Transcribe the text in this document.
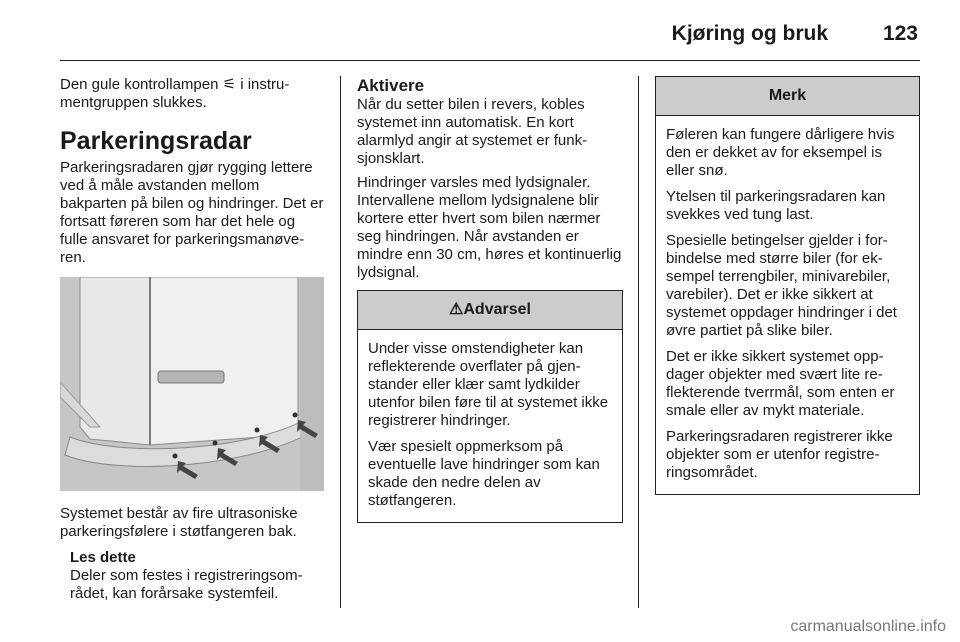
Kjøring og bruk	123

Den gule kontrollampen ⚟ i instrumentgruppen slukkes.

Parkeringsradar

Parkeringsradaren gjør rygging lettere ved å måle avstanden mellom bakparten på bilen og hindringer. Det er fortsatt føreren som har det hele og fulle ansvaret for parkeringsmanøveren.

Systemet består av fire ultrasoniske parkeringsfølere i støtfangeren bak.

Les dette
Deler som festes i registreringsområdet, kan forårsake systemfeil.
Aktivere

Når du setter bilen i revers, kobles systemet inn automatisk. En kort alarmlyd angir at systemet er funksjonsklart.

Hindringer varsles med lydsignaler. Intervallene mellom lydsignalene blir kortere etter hvert som bilen nærmer seg hindringen. Når avstanden er mindre enn 30 cm, høres et kontinuerlig lydsignal.

⚠Advarsel

Under visse omstendigheter kan reflekterende overflater på gjenstander eller klær samt lydkilder utenfor bilen føre til at systemet ikke registrerer hindringer.

Vær spesielt oppmerksom på eventuelle lave hindringer som kan skade den nedre delen av støtfangeren.

Merk

Føleren kan fungere dårligere hvis den er dekket av for eksempel is eller snø.

Ytelsen til parkeringsradaren kan svekkes ved tung last.

Spesielle betingelser gjelder i forbindelse med større biler (for eksempel terrengbiler, minivarebiler, varebiler). Det er ikke sikkert at systemet oppdager hindringer i det øvre partiet på slike biler.

Det er ikke sikkert systemet oppdager objekter med svært lite reflekterende tverrmål, som enten er smale eller av mykt materiale.

Parkeringsradaren registrerer ikke objekter som er utenfor registreringsområdet.

carmanualsonline.info
